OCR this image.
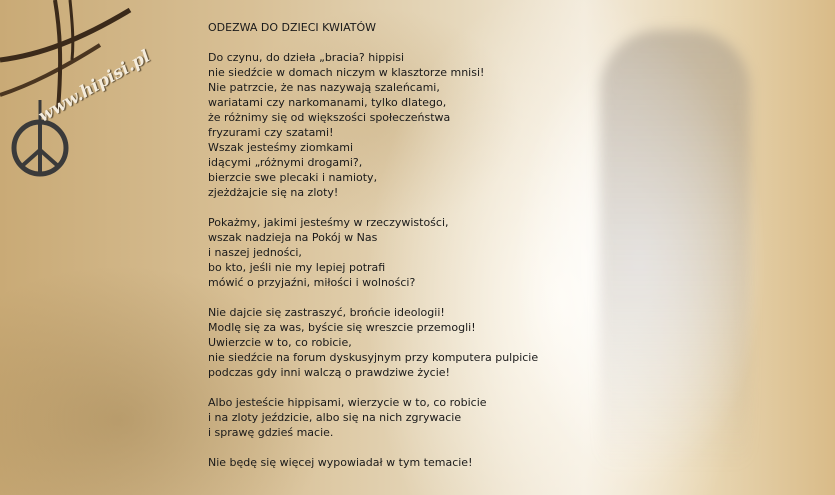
www.hipisi.pl
ODEZWA DO DZIECI KWIATÓW
Do czynu, do dzieła „bracia? hippisi
nie siedźcie w domach niczym w klasztorze mnisi!
Nie patrzcie, że nas nazywają szaleńcami,
wariatami czy narkomanami, tylko dlatego,
że różnimy się od większości społeczeństwa
fryzurami czy szatami!
Wszak jesteśmy ziomkami
idącymi „różnymi drogami?,
bierzcie swe plecaki i namioty,
zjeżdżajcie się na zloty!
Pokażmy, jakimi jesteśmy w rzeczywistości,
wszak nadzieja na Pokój w Nas
i naszej jedności,
bo kto, jeśli nie my lepiej potrafi
mówić o przyjaźni, miłości i wolności?
Nie dajcie się zastraszyć, brońcie ideologii!
Modlę się za was, byście się wreszcie przemogli!
Uwierzcie w to, co robicie,
nie siedźcie na forum dyskusyjnym przy komputera pulpicie
podczas gdy inni walczą o prawdziwe życie!
Albo jesteście hippisami, wierzycie w to, co robicie
i na zloty jeździcie, albo się na nich zgrywacie
i sprawę gdzieś macie.
Nie będę się więcej wypowiadał w tym temacie!
